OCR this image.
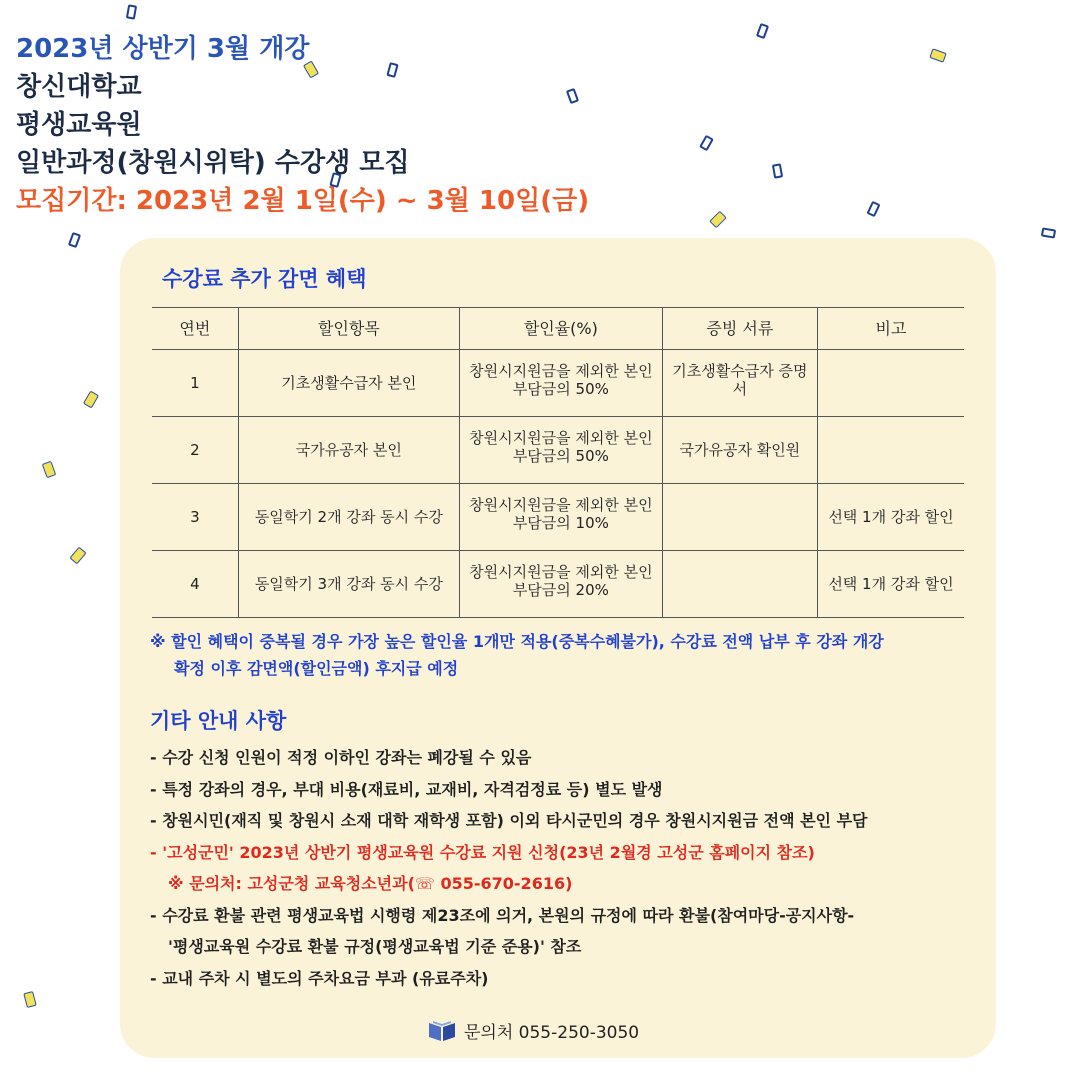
2023년 상반기 3월 개강
창신대학교
평생교육원
일반과정(창원시위탁) 수강생 모집
모집기간: 2023년 2월 1일(수) ~ 3월 10일(금)
수강료 추가 감면 혜택
연번	할인항목	할인율(%)	증빙 서류	비고
1	기초생활수급자 본인	창원시지원금을 제외한 본인 부담금의 50%	기초생활수급자 증명서	
2	국가유공자 본인	창원시지원금을 제외한 본인 부담금의 50%	국가유공자 확인원	
3	동일학기 2개 강좌 동시 수강	창원시지원금을 제외한 본인 부담금의 10%		선택 1개 강좌 할인
4	동일학기 3개 강좌 동시 수강	창원시지원금을 제외한 본인 부담금의 20%		선택 1개 강좌 할인
※ 할인 혜택이 중복될 경우 가장 높은 할인율 1개만 적용(중복수혜불가), 수강료 전액 납부 후 강좌 개강
확정 이후 감면액(할인금액) 후지급 예정
기타 안내 사항
- 수강 신청 인원이 적정 이하인 강좌는 폐강될 수 있음
- 특정 강좌의 경우, 부대 비용(재료비, 교재비, 자격검정료 등) 별도 발생
- 창원시민(재직 및 창원시 소재 대학 재학생 포함) 이외 타시군민의 경우 창원시지원금 전액 본인 부담
- '고성군민' 2023년 상반기 평생교육원 수강료 지원 신청(23년 2월경 고성군 홈페이지 참조)
※ 문의처: 고성군청 교육청소년과(☏ 055-670-2616)
- 수강료 환불 관련 평생교육법 시행령 제23조에 의거, 본원의 규정에 따라 환불(참여마당-공지사항-
'평생교육원 수강료 환불 규정(평생교육법 기준 준용)' 참조
- 교내 주차 시 별도의 주차요금 부과 (유료주차)
문의처 055-250-3050
